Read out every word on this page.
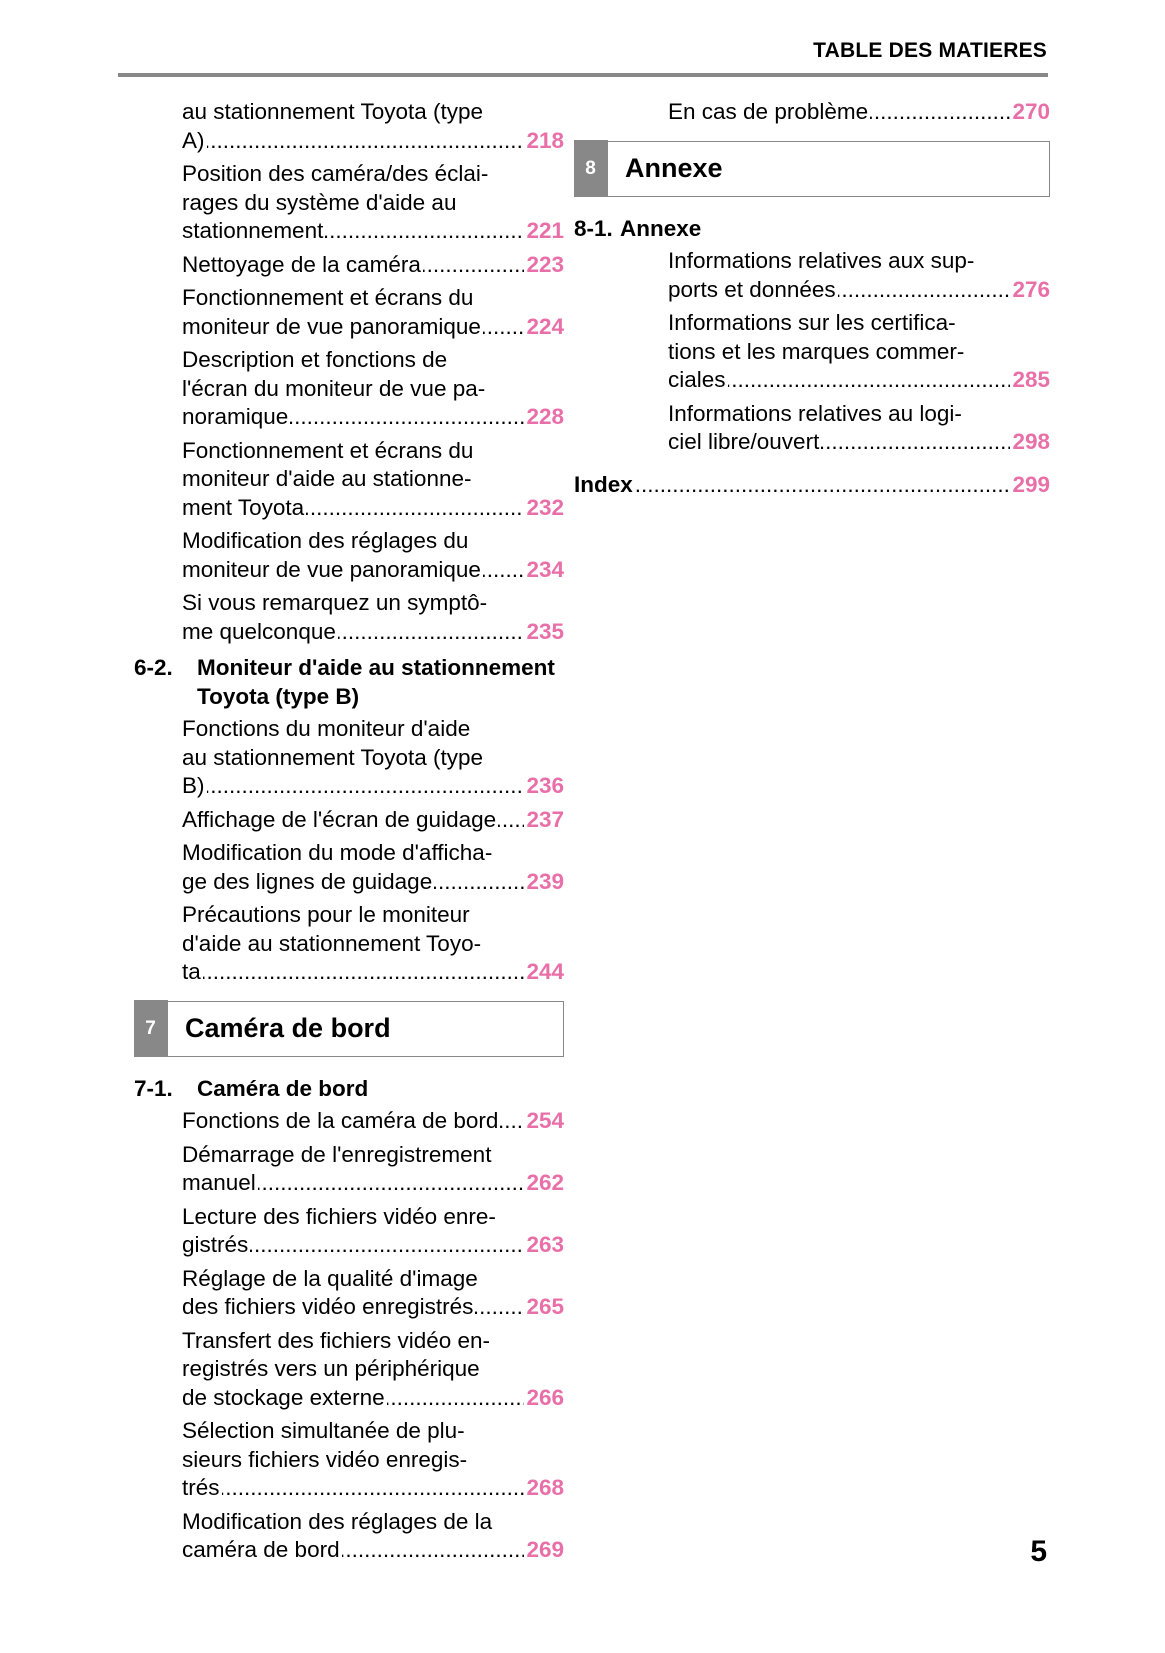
TABLE DES MATIERES
au stationnement Toyota (type
A) .....	218
Position des caméra/des éclai-
rages du système d'aide au
stationnement .....	221
Nettoyage de la caméra .....	223
Fonctionnement et écrans du
moniteur de vue panoramique ..... 224
Description et fonctions de
l'écran du moniteur de vue pa-
noramique .....	228
Fonctionnement et écrans du
moniteur d'aide au stationne-
ment Toyota .....	232
Modification des réglages du
moniteur de vue panoramique ..... 234
Si vous remarquez un symptô-
me quelconque .....	235
6-2. Moniteur d'aide au stationnement Toyota (type B)
Fonctions du moniteur d'aide
au stationnement Toyota (type
B) .....	236
Affichage de l'écran de guidage ..... 237
Modification du mode d'afficha-
ge des lignes de guidage .....	239
Précautions pour le moniteur
d'aide au stationnement Toyo-
ta .....	244
7	Caméra de bord
7-1. Caméra de bord
Fonctions de la caméra de bord ..... 254
Démarrage de l'enregistrement
manuel .....	262
Lecture des fichiers vidéo enre-
gistrés .....	263
Réglage de la qualité d'image
des fichiers vidéo enregistrés ..... 265
Transfert des fichiers vidéo en-
registrés vers un périphérique
de stockage externe .....	266
Sélection simultanée de plu-
sieurs fichiers vidéo enregis-
trés .....	268
Modification des réglages de la
caméra de bord .....	269
En cas de problème .....	270
8	Annexe
8-1. Annexe
Informations relatives aux sup-
ports et données .....	276
Informations sur les certifica-
tions et les marques commer-
ciales .....	285
Informations relatives au logi-
ciel libre/ouvert .....	298
Index .....	299
5
